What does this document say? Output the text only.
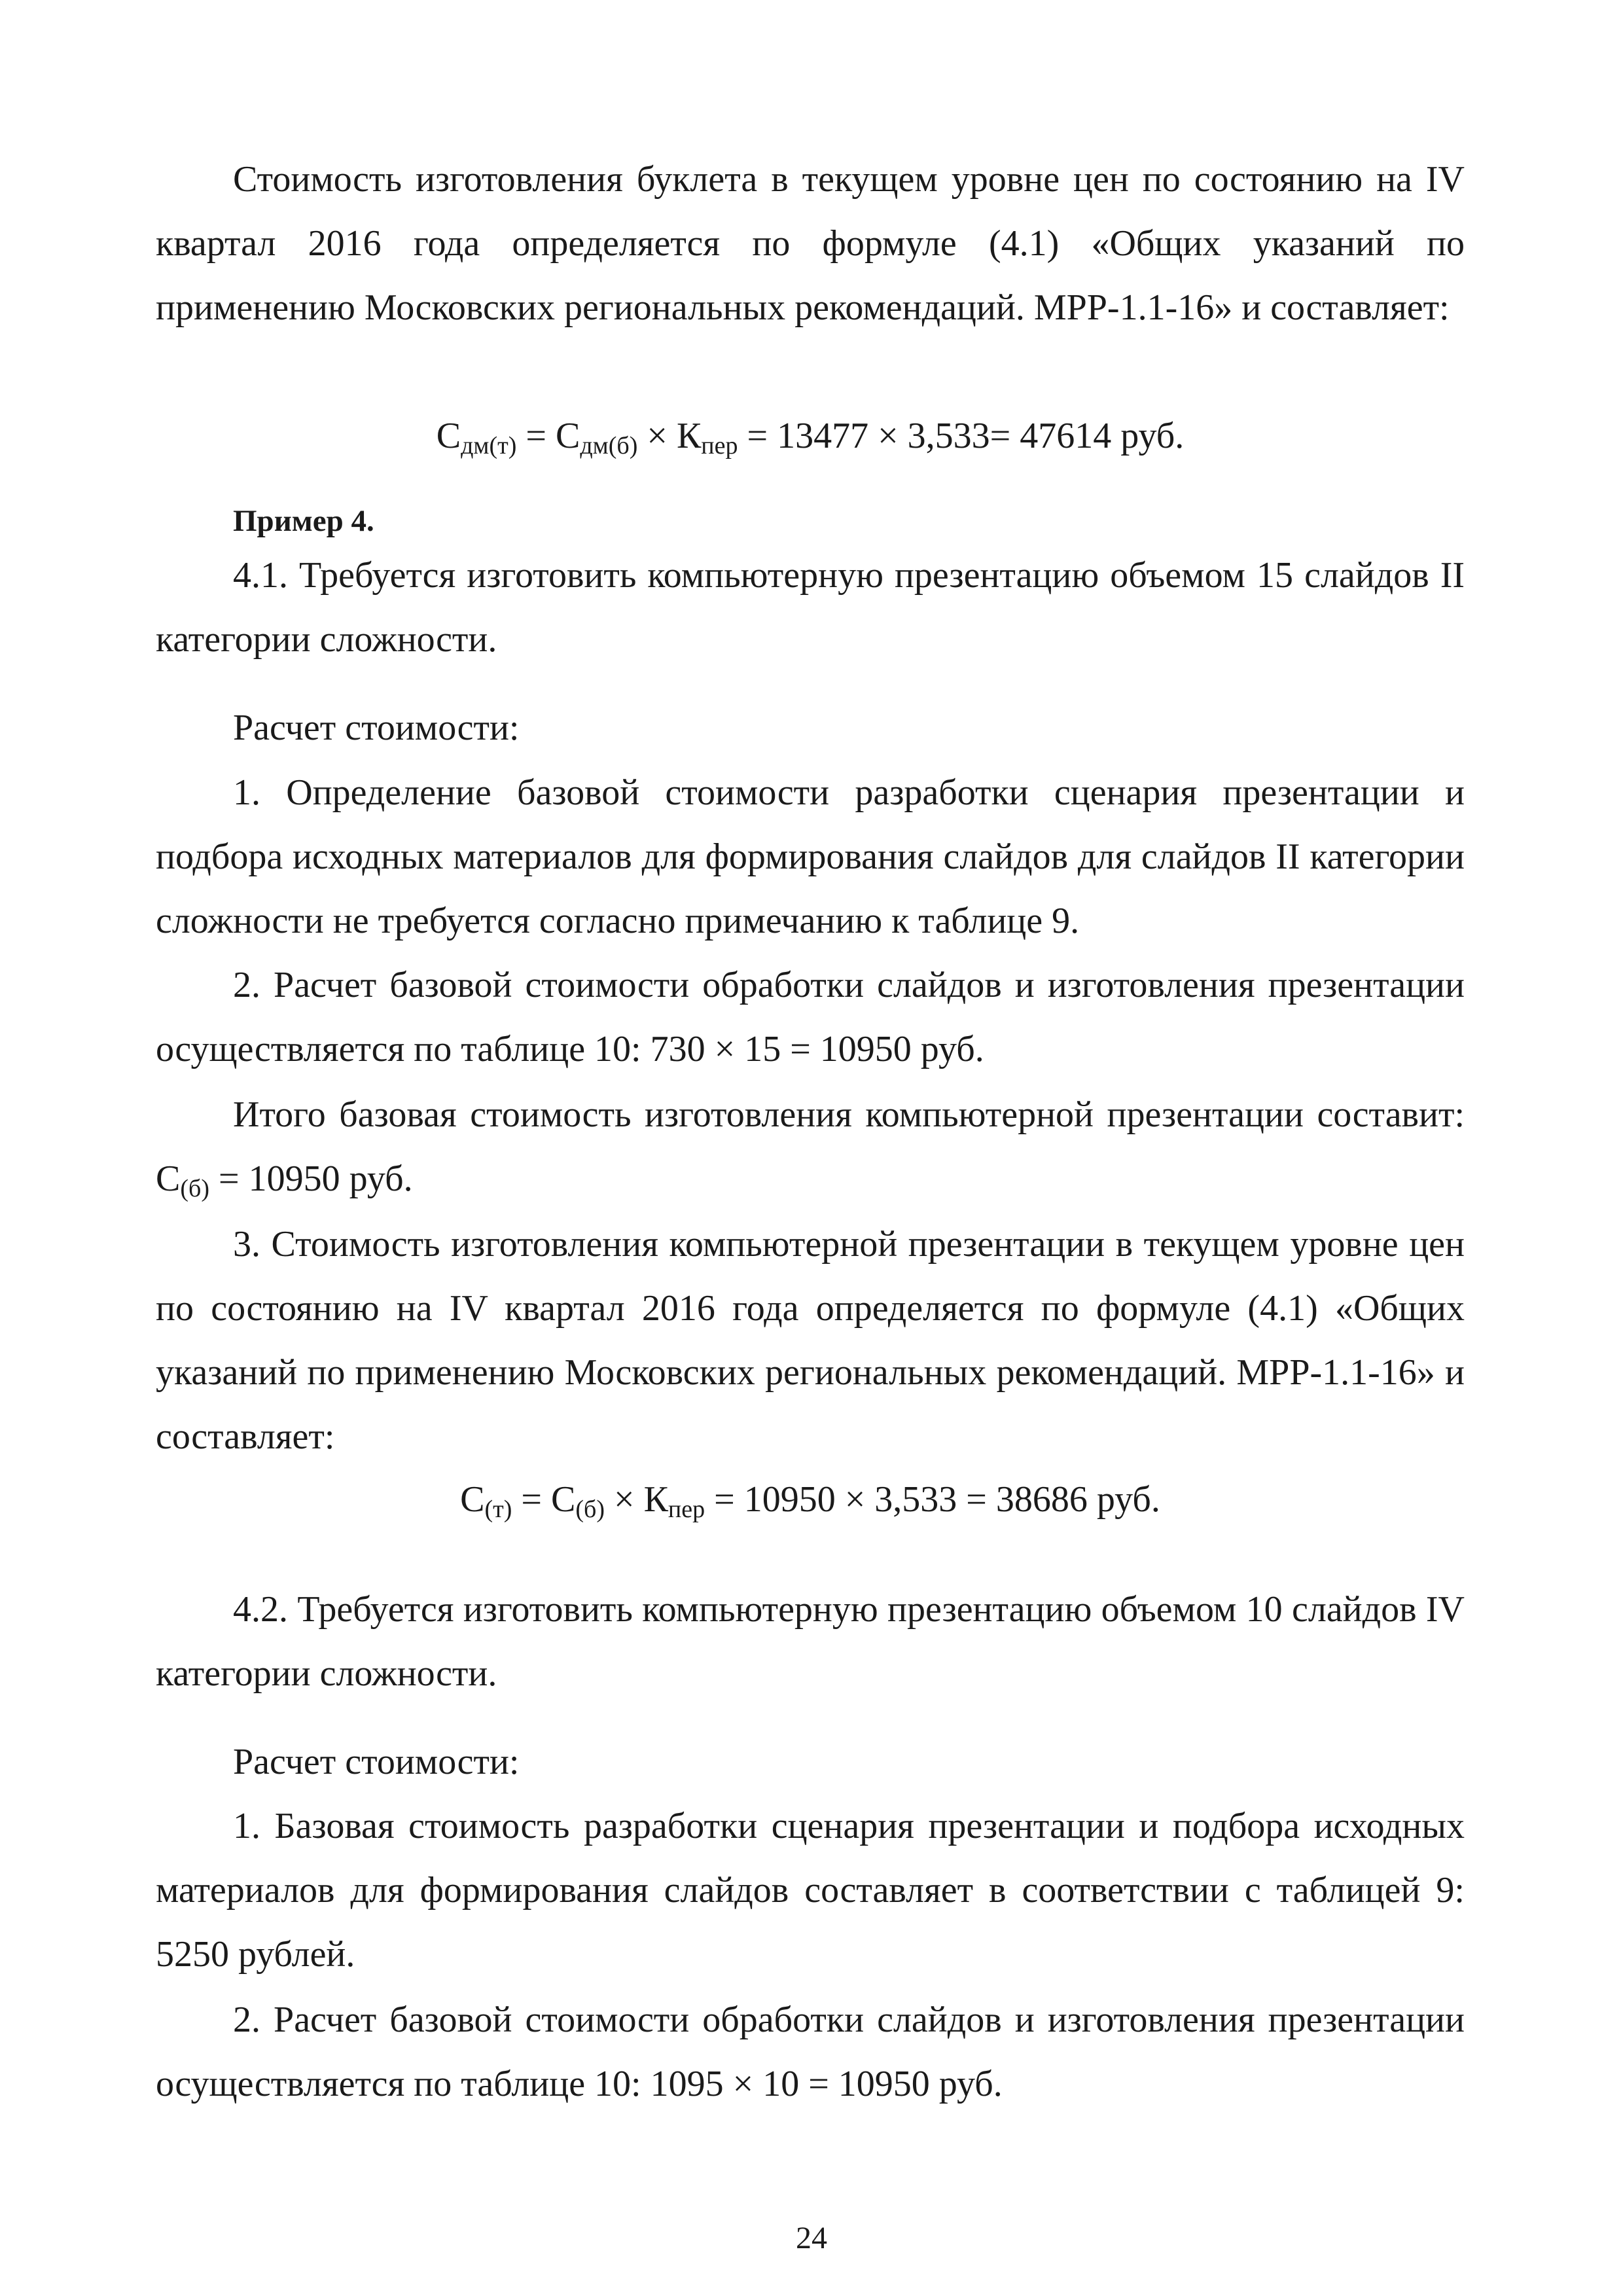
Стоимость изготовления буклета в текущем уровне цен по состоянию на IV квартал 2016 года определяется по формуле (4.1) «Общих указаний по применению Московских региональных рекомендаций. МРР-1.1-16» и составляет:

$С_{дм(т)} = С_{дм(б)} \times К_{пер} = 13477 \times 3,533= 47614$ руб.

Пример 4.

4.1. Требуется изготовить компьютерную презентацию объемом 15 слайдов II категории сложности.

Расчет стоимости:

1. Определение базовой стоимости разработки сценария презентации и подбора исходных материалов для формирования слайдов для слайдов II категории сложности не требуется согласно примечанию к таблице 9.

2. Расчет базовой стоимости обработки слайдов и изготовления презентации осуществляется по таблице 10: 730 × 15 = 10950 руб.

Итого базовая стоимость изготовления компьютерной презентации составит: $С_{(б)} = 10950$ руб.

3. Стоимость изготовления компьютерной презентации в текущем уровне цен по состоянию на IV квартал 2016 года определяется по формуле (4.1) «Общих указаний по применению Московских региональных рекомендаций. МРР-1.1-16» и составляет:

$С_{(т)} = С_{(б)} \times К_{пер} = 10950 \times 3,533 = 38686$ руб.

4.2. Требуется изготовить компьютерную презентацию объемом 10 слайдов IV категории сложности.

Расчет стоимости:

1. Базовая стоимость разработки сценария презентации и подбора исходных материалов для формирования слайдов составляет в соответствии с таблицей 9: 5250 рублей.

2. Расчет базовой стоимости обработки слайдов и изготовления презентации осуществляется по таблице 10: 1095 × 10 = 10950 руб.

24
